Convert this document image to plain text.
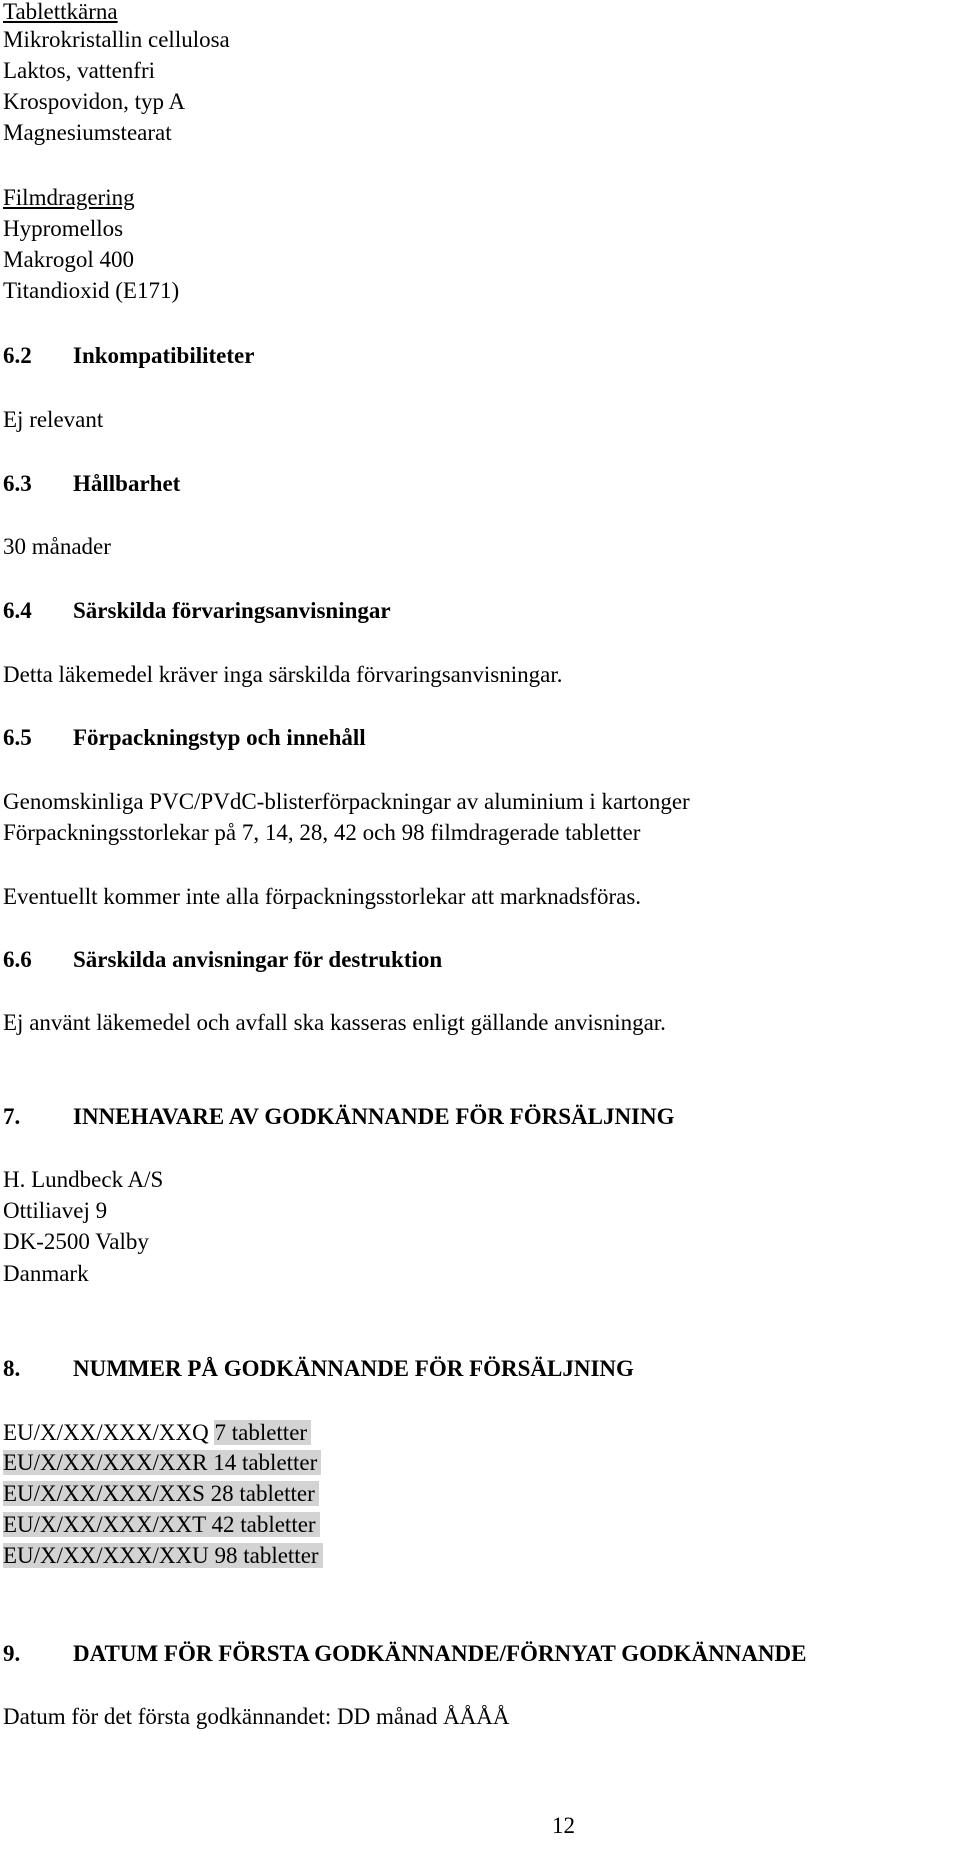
Tablettkärna
Mikrokristallin cellulosa
Laktos, vattenfri
Krospovidon, typ A
Magnesiumstearat
Filmdragering
Hypromellos
Makrogol 400
Titandioxid (E171)
6.2 Inkompatibiliteter
Ej relevant
6.3 Hållbarhet
30 månader
6.4 Särskilda förvaringsanvisningar
Detta läkemedel kräver inga särskilda förvaringsanvisningar.
6.5 Förpackningstyp och innehåll
Genomskinliga PVC/PVdC-blisterförpackningar av aluminium i kartonger
Förpackningsstorlekar på 7, 14, 28, 42 och 98 filmdragerade tabletter
Eventuellt kommer inte alla förpackningsstorlekar att marknadsföras.
6.6 Särskilda anvisningar för destruktion
Ej använt läkemedel och avfall ska kasseras enligt gällande anvisningar.
7. INNEHAVARE AV GODKÄNNANDE FÖR FÖRSÄLJNING
H. Lundbeck A/S
Ottiliavej 9
DK-2500 Valby
Danmark
8. NUMMER PÅ GODKÄNNANDE FÖR FÖRSÄLJNING
EU/X/XX/XXX/XXQ 7 tabletter
EU/X/XX/XXX/XXR 14 tabletter
EU/X/XX/XXX/XXS 28 tabletter
EU/X/XX/XXX/XXT 42 tabletter
EU/X/XX/XXX/XXU 98 tabletter
9. DATUM FÖR FÖRSTA GODKÄNNANDE/FÖRNYAT GODKÄNNANDE
Datum för det första godkännandet: DD månad ÅÅÅÅ
12
